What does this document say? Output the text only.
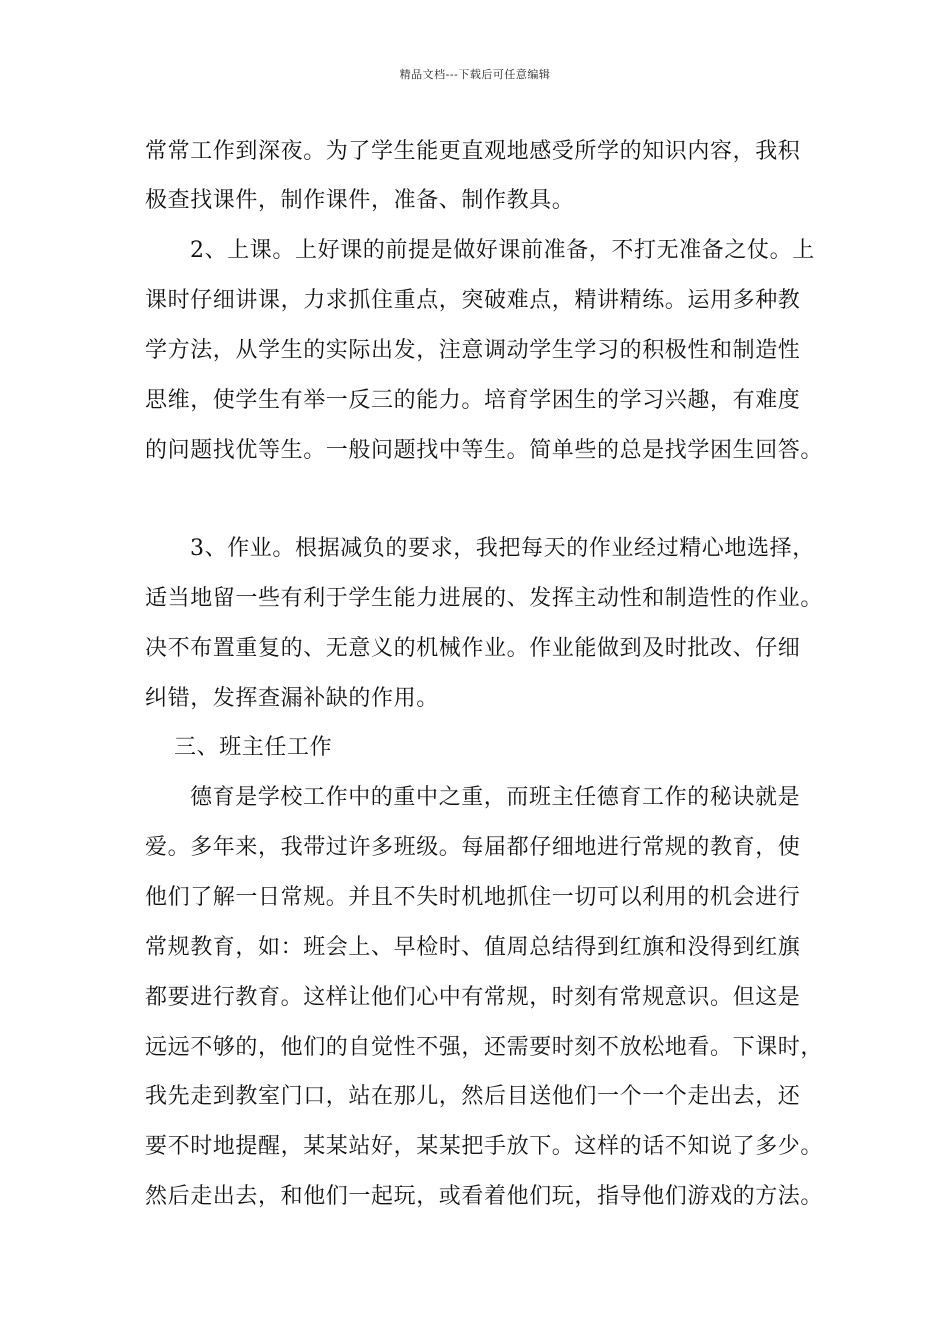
精品文档---下载后可任意编辑
常常工作到深夜。为了学生能更直观地感受所学的知识内容，我积
极查找课件，制作课件，准备、制作教具。
2、上课。上好课的前提是做好课前准备，不打无准备之仗。上
课时仔细讲课，力求抓住重点，突破难点，精讲精练。运用多种教
学方法，从学生的实际出发，注意调动学生学习的积极性和制造性
思维，使学生有举一反三的能力。培育学困生的学习兴趣，有难度
的问题找优等生。一般问题找中等生。简单些的总是找学困生回答。
3、作业。根据减负的要求，我把每天的作业经过精心地选择，
适当地留一些有利于学生能力进展的、发挥主动性和制造性的作业。
决不布置重复的、无意义的机械作业。作业能做到及时批改、仔细
纠错，发挥查漏补缺的作用。
三、班主任工作
德育是学校工作中的重中之重，而班主任德育工作的秘诀就是
爱。多年来，我带过许多班级。每届都仔细地进行常规的教育，使
他们了解一日常规。并且不失时机地抓住一切可以利用的机会进行
常规教育，如：班会上、早检时、值周总结得到红旗和没得到红旗
都要进行教育。这样让他们心中有常规，时刻有常规意识。但这是
远远不够的，他们的自觉性不强，还需要时刻不放松地看。下课时，
我先走到教室门口，站在那儿，然后目送他们一个一个走出去，还
要不时地提醒，某某站好，某某把手放下。这样的话不知说了多少。
然后走出去，和他们一起玩，或看着他们玩，指导他们游戏的方法。
